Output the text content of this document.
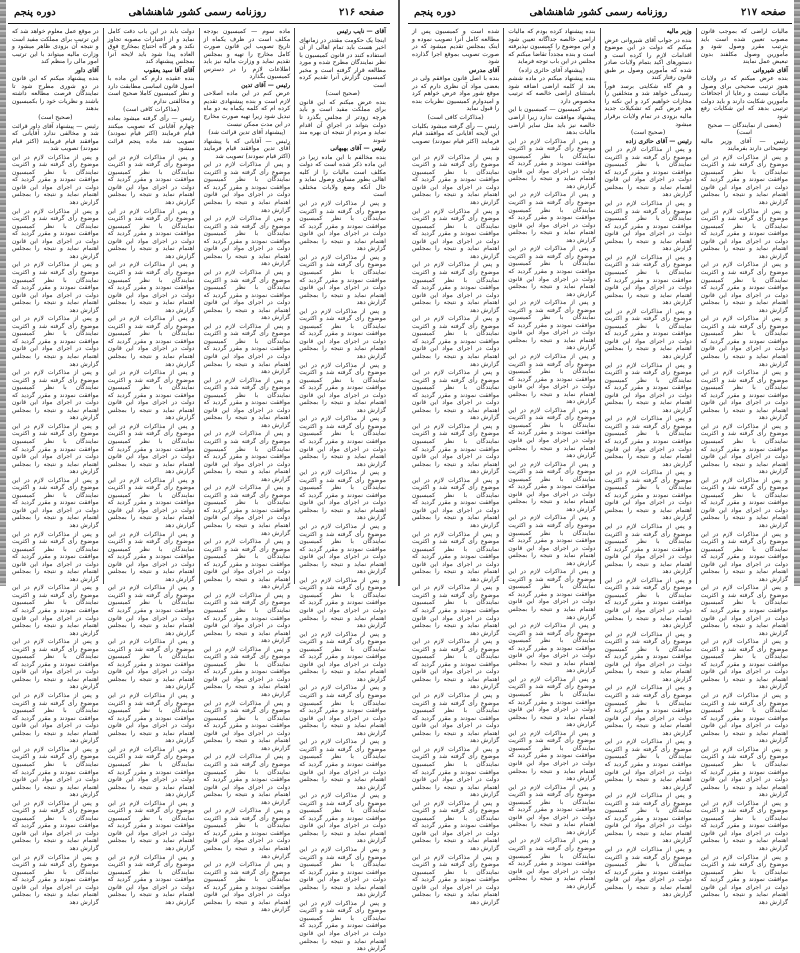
صفحه ۲۱۶
روزنامه رسمی کشور شاهنشاهی
دوره پنجم

آقای — نایب رئیس

اینجا یک حکومت مقتدر در زمانهای اخیر هست باید تمام اهالی از آن استفاده کنند در قانون کمیسیون با نظر نمایندگان مطرح شده و مورد مطالعه قرار گرفته است و مخبر کمیسیون گزارش آنرا تقدیم کرده است

(صحیح است)

بنده عرض میکنم که این قانون برای مملکت مفید است و باید هرچه زودتر از مجلس بگذرد تا دولت بتواند در اجرای آن اقدام نماید و مردم از نتیجه آن بهره مند شوند

رئیس — آقای بهبهانی

بنده مخالفم با این ماده زیرا در این ماده ذکر شده است که دولت مکلف است مالیات را از کلیه اهالی بطور مساوی وصول نماید و حال آنکه وضع ولایات مختلف است

و پس از مذاکرات لازم در این موضوع رأی گرفته شد و اکثریت نمایندگان با نظر کمیسیون موافقت نمودند و مقرر گردید که دولت در اجرای مواد این قانون اهتمام نماید و نتیجه را بمجلس گزارش دهد

و پس از مذاکرات لازم در این موضوع رأی گرفته شد و اکثریت نمایندگان با نظر کمیسیون موافقت نمودند و مقرر گردید که دولت در اجرای مواد این قانون اهتمام نماید و نتیجه را بمجلس گزارش دهد

و پس از مذاکرات لازم در این موضوع رأی گرفته شد و اکثریت نمایندگان با نظر کمیسیون موافقت نمودند و مقرر گردید که دولت در اجرای مواد این قانون اهتمام نماید و نتیجه را بمجلس گزارش دهد

و پس از مذاکرات لازم در این موضوع رأی گرفته شد و اکثریت نمایندگان با نظر کمیسیون موافقت نمودند و مقرر گردید که دولت در اجرای مواد این قانون اهتمام نماید و نتیجه را بمجلس گزارش دهد

و پس از مذاکرات لازم در این موضوع رأی گرفته شد و اکثریت نمایندگان با نظر کمیسیون موافقت نمودند و مقرر گردید که دولت در اجرای مواد این قانون اهتمام نماید و نتیجه را بمجلس گزارش دهد

و پس از مذاکرات لازم در این موضوع رأی گرفته شد و اکثریت نمایندگان با نظر کمیسیون موافقت نمودند و مقرر گردید که دولت در اجرای مواد این قانون اهتمام نماید و نتیجه را بمجلس گزارش دهد

و پس از مذاکرات لازم در این موضوع رأی گرفته شد و اکثریت نمایندگان با نظر کمیسیون موافقت نمودند و مقرر گردید که دولت در اجرای مواد این قانون اهتمام نماید و نتیجه را بمجلس گزارش دهد

و پس از مذاکرات لازم در این موضوع رأی گرفته شد و اکثریت نمایندگان با نظر کمیسیون موافقت نمودند و مقرر گردید که دولت در اجرای مواد این قانون اهتمام نماید و نتیجه را بمجلس گزارش دهد

و پس از مذاکرات لازم در این موضوع رأی گرفته شد و اکثریت نمایندگان با نظر کمیسیون موافقت نمودند و مقرر گردید که دولت در اجرای مواد این قانون اهتمام نماید و نتیجه را بمجلس گزارش دهد

و پس از مذاکرات لازم در این موضوع رأی گرفته شد و اکثریت نمایندگان با نظر کمیسیون موافقت نمودند و مقرر گردید که دولت در اجرای مواد این قانون اهتمام نماید و نتیجه را بمجلس گزارش دهد

و پس از مذاکرات لازم در این موضوع رأی گرفته شد و اکثریت نمایندگان با نظر کمیسیون موافقت نمودند و مقرر گردید که دولت در اجرای مواد این قانون اهتمام نماید و نتیجه را بمجلس گزارش دهد

و پس از مذاکرات لازم در این موضوع رأی گرفته شد و اکثریت نمایندگان با نظر کمیسیون موافقت نمودند و مقرر گردید که دولت در اجرای مواد این قانون اهتمام نماید و نتیجه را بمجلس گزارش دهد

و پس از مذاکرات لازم در این موضوع رأی گرفته شد و اکثریت نمایندگان با نظر کمیسیون موافقت نمودند و مقرر گردید که دولت در اجرای مواد این قانون اهتمام نماید و نتیجه را بمجلس گزارش دهد

و پس از مذاکرات لازم در این موضوع رأی گرفته شد و اکثریت نمایندگان با نظر کمیسیون موافقت نمودند و مقرر گردید که دولت در اجرای مواد این قانون اهتمام نماید و نتیجه را بمجلس گزارش دهد

ماده سوم — کمیسیون بودجه مکلف است در ظرف یکماه از تاریخ تصویب این قانون صورت کامل مخارج را تهیه و بمجلس تقدیم نماید و وزارت مالیه نیز باید اطلاعات لازم را در دسترس کمیسیون بگذارد

رئیس — آقای تدین

عرض کنم در این ماده اصلاحی لازم است و بنده پیشنهادی تقدیم کرده ام که کلمه یکماه به دو ماه تبدیل شود زیرا تهیه صورت مخارج در این مدت ممکن نیست

(پیشنهاد آقای تدین قرائت شد)

رئیس — آقایانی که با پیشنهاد آقای تدین موافقند قیام فرمایند (اکثر قیام نمودند) تصویب شد

و پس از مذاکرات لازم در این موضوع رأی گرفته شد و اکثریت نمایندگان با نظر کمیسیون موافقت نمودند و مقرر گردید که دولت در اجرای مواد این قانون اهتمام نماید و نتیجه را بمجلس گزارش دهد

و پس از مذاکرات لازم در این موضوع رأی گرفته شد و اکثریت نمایندگان با نظر کمیسیون موافقت نمودند و مقرر گردید که دولت در اجرای مواد این قانون اهتمام نماید و نتیجه را بمجلس گزارش دهد

و پس از مذاکرات لازم در این موضوع رأی گرفته شد و اکثریت نمایندگان با نظر کمیسیون موافقت نمودند و مقرر گردید که دولت در اجرای مواد این قانون اهتمام نماید و نتیجه را بمجلس گزارش دهد

و پس از مذاکرات لازم در این موضوع رأی گرفته شد و اکثریت نمایندگان با نظر کمیسیون موافقت نمودند و مقرر گردید که دولت در اجرای مواد این قانون اهتمام نماید و نتیجه را بمجلس گزارش دهد

و پس از مذاکرات لازم در این موضوع رأی گرفته شد و اکثریت نمایندگان با نظر کمیسیون موافقت نمودند و مقرر گردید که دولت در اجرای مواد این قانون اهتمام نماید و نتیجه را بمجلس گزارش دهد

و پس از مذاکرات لازم در این موضوع رأی گرفته شد و اکثریت نمایندگان با نظر کمیسیون موافقت نمودند و مقرر گردید که دولت در اجرای مواد این قانون اهتمام نماید و نتیجه را بمجلس گزارش دهد

و پس از مذاکرات لازم در این موضوع رأی گرفته شد و اکثریت نمایندگان با نظر کمیسیون موافقت نمودند و مقرر گردید که دولت در اجرای مواد این قانون اهتمام نماید و نتیجه را بمجلس گزارش دهد

و پس از مذاکرات لازم در این موضوع رأی گرفته شد و اکثریت نمایندگان با نظر کمیسیون موافقت نمودند و مقرر گردید که دولت در اجرای مواد این قانون اهتمام نماید و نتیجه را بمجلس گزارش دهد

و پس از مذاکرات لازم در این موضوع رأی گرفته شد و اکثریت نمایندگان با نظر کمیسیون موافقت نمودند و مقرر گردید که دولت در اجرای مواد این قانون اهتمام نماید و نتیجه را بمجلس گزارش دهد

و پس از مذاکرات لازم در این موضوع رأی گرفته شد و اکثریت نمایندگان با نظر کمیسیون موافقت نمودند و مقرر گردید که دولت در اجرای مواد این قانون اهتمام نماید و نتیجه را بمجلس گزارش دهد

و پس از مذاکرات لازم در این موضوع رأی گرفته شد و اکثریت نمایندگان با نظر کمیسیون موافقت نمودند و مقرر گردید که دولت در اجرای مواد این قانون اهتمام نماید و نتیجه را بمجلس گزارش دهد

و پس از مذاکرات لازم در این موضوع رأی گرفته شد و اکثریت نمایندگان با نظر کمیسیون موافقت نمودند و مقرر گردید که دولت در اجرای مواد این قانون اهتمام نماید و نتیجه را بمجلس گزارش دهد

و پس از مذاکرات لازم در این موضوع رأی گرفته شد و اکثریت نمایندگان با نظر کمیسیون موافقت نمودند و مقرر گردید که دولت در اجرای مواد این قانون اهتمام نماید و نتیجه را بمجلس گزارش دهد

و پس از مذاکرات لازم در این موضوع رأی گرفته شد و اکثریت نمایندگان با نظر کمیسیون موافقت نمودند و مقرر گردید که دولت در اجرای مواد این قانون اهتمام نماید و نتیجه را بمجلس گزارش دهد

دولت باید در این باب دقت کامل نماید و از اعتبارات مصوبه تجاوز نکند و هر گاه احتیاج بمخارج فوق العاده پیدا شود باید لایحه آنرا بمجلس پیشنهاد کند

آقای آقا سید یعقوب

بنده عقیده دارم که این ماده با اصول قانون اساسی مطابقت دارد و نظر کمیسیون کاملا صحیح است و مخالفتی ندارم

(مذاکرات کافی است)

رئیس — رأی گرفته میشود بماده چهارم آقایانی که تصویب میکنند قیام فرمایند (اکثر قیام نمودند) تصویب شد ماده پنجم قرائت میشود

و پس از مذاکرات لازم در این موضوع رأی گرفته شد و اکثریت نمایندگان با نظر کمیسیون موافقت نمودند و مقرر گردید که دولت در اجرای مواد این قانون اهتمام نماید و نتیجه را بمجلس گزارش دهد

و پس از مذاکرات لازم در این موضوع رأی گرفته شد و اکثریت نمایندگان با نظر کمیسیون موافقت نمودند و مقرر گردید که دولت در اجرای مواد این قانون اهتمام نماید و نتیجه را بمجلس گزارش دهد

و پس از مذاکرات لازم در این موضوع رأی گرفته شد و اکثریت نمایندگان با نظر کمیسیون موافقت نمودند و مقرر گردید که دولت در اجرای مواد این قانون اهتمام نماید و نتیجه را بمجلس گزارش دهد

و پس از مذاکرات لازم در این موضوع رأی گرفته شد و اکثریت نمایندگان با نظر کمیسیون موافقت نمودند و مقرر گردید که دولت در اجرای مواد این قانون اهتمام نماید و نتیجه را بمجلس گزارش دهد

و پس از مذاکرات لازم در این موضوع رأی گرفته شد و اکثریت نمایندگان با نظر کمیسیون موافقت نمودند و مقرر گردید که دولت در اجرای مواد این قانون اهتمام نماید و نتیجه را بمجلس گزارش دهد

و پس از مذاکرات لازم در این موضوع رأی گرفته شد و اکثریت نمایندگان با نظر کمیسیون موافقت نمودند و مقرر گردید که دولت در اجرای مواد این قانون اهتمام نماید و نتیجه را بمجلس گزارش دهد

و پس از مذاکرات لازم در این موضوع رأی گرفته شد و اکثریت نمایندگان با نظر کمیسیون موافقت نمودند و مقرر گردید که دولت در اجرای مواد این قانون اهتمام نماید و نتیجه را بمجلس گزارش دهد

و پس از مذاکرات لازم در این موضوع رأی گرفته شد و اکثریت نمایندگان با نظر کمیسیون موافقت نمودند و مقرر گردید که دولت در اجرای مواد این قانون اهتمام نماید و نتیجه را بمجلس گزارش دهد

و پس از مذاکرات لازم در این موضوع رأی گرفته شد و اکثریت نمایندگان با نظر کمیسیون موافقت نمودند و مقرر گردید که دولت در اجرای مواد این قانون اهتمام نماید و نتیجه را بمجلس گزارش دهد

و پس از مذاکرات لازم در این موضوع رأی گرفته شد و اکثریت نمایندگان با نظر کمیسیون موافقت نمودند و مقرر گردید که دولت در اجرای مواد این قانون اهتمام نماید و نتیجه را بمجلس گزارش دهد

و پس از مذاکرات لازم در این موضوع رأی گرفته شد و اکثریت نمایندگان با نظر کمیسیون موافقت نمودند و مقرر گردید که دولت در اجرای مواد این قانون اهتمام نماید و نتیجه را بمجلس گزارش دهد

و پس از مذاکرات لازم در این موضوع رأی گرفته شد و اکثریت نمایندگان با نظر کمیسیون موافقت نمودند و مقرر گردید که دولت در اجرای مواد این قانون اهتمام نماید و نتیجه را بمجلس گزارش دهد

و پس از مذاکرات لازم در این موضوع رأی گرفته شد و اکثریت نمایندگان با نظر کمیسیون موافقت نمودند و مقرر گردید که دولت در اجرای مواد این قانون اهتمام نماید و نتیجه را بمجلس گزارش دهد

و پس از مذاکرات لازم در این موضوع رأی گرفته شد و اکثریت نمایندگان با نظر کمیسیون موافقت نمودند و مقرر گردید که دولت در اجرای مواد این قانون اهتمام نماید و نتیجه را بمجلس گزارش دهد

در موقع عمل معلوم خواهد شد که این ترتیب برای مملکت مفید است و نتیجه آن بزودی ظاهر میشود و وزارت مالیه میتواند با این ترتیب امور مالی را منظم کند

آقای داور

بنده پیشنهاد میکنم که این قانون در دو شوری مطرح شود تا نمایندگان فرصت مطالعه داشته باشند و نظریات خود را بکمیسیون بدهند

(صحیح است)

رئیس — پیشنهاد آقای داور قرائت شد و مخالفی ندارد آقایانی که موافقند قیام فرمایند (اکثر قیام نمودند) تصویب شد

و پس از مذاکرات لازم در این موضوع رأی گرفته شد و اکثریت نمایندگان با نظر کمیسیون موافقت نمودند و مقرر گردید که دولت در اجرای مواد این قانون اهتمام نماید و نتیجه را بمجلس گزارش دهد

و پس از مذاکرات لازم در این موضوع رأی گرفته شد و اکثریت نمایندگان با نظر کمیسیون موافقت نمودند و مقرر گردید که دولت در اجرای مواد این قانون اهتمام نماید و نتیجه را بمجلس گزارش دهد

و پس از مذاکرات لازم در این موضوع رأی گرفته شد و اکثریت نمایندگان با نظر کمیسیون موافقت نمودند و مقرر گردید که دولت در اجرای مواد این قانون اهتمام نماید و نتیجه را بمجلس گزارش دهد

و پس از مذاکرات لازم در این موضوع رأی گرفته شد و اکثریت نمایندگان با نظر کمیسیون موافقت نمودند و مقرر گردید که دولت در اجرای مواد این قانون اهتمام نماید و نتیجه را بمجلس گزارش دهد

و پس از مذاکرات لازم در این موضوع رأی گرفته شد و اکثریت نمایندگان با نظر کمیسیون موافقت نمودند و مقرر گردید که دولت در اجرای مواد این قانون اهتمام نماید و نتیجه را بمجلس گزارش دهد

و پس از مذاکرات لازم در این موضوع رأی گرفته شد و اکثریت نمایندگان با نظر کمیسیون موافقت نمودند و مقرر گردید که دولت در اجرای مواد این قانون اهتمام نماید و نتیجه را بمجلس گزارش دهد

و پس از مذاکرات لازم در این موضوع رأی گرفته شد و اکثریت نمایندگان با نظر کمیسیون موافقت نمودند و مقرر گردید که دولت در اجرای مواد این قانون اهتمام نماید و نتیجه را بمجلس گزارش دهد

و پس از مذاکرات لازم در این موضوع رأی گرفته شد و اکثریت نمایندگان با نظر کمیسیون موافقت نمودند و مقرر گردید که دولت در اجرای مواد این قانون اهتمام نماید و نتیجه را بمجلس گزارش دهد

و پس از مذاکرات لازم در این موضوع رأی گرفته شد و اکثریت نمایندگان با نظر کمیسیون موافقت نمودند و مقرر گردید که دولت در اجرای مواد این قانون اهتمام نماید و نتیجه را بمجلس گزارش دهد

و پس از مذاکرات لازم در این موضوع رأی گرفته شد و اکثریت نمایندگان با نظر کمیسیون موافقت نمودند و مقرر گردید که دولت در اجرای مواد این قانون اهتمام نماید و نتیجه را بمجلس گزارش دهد

و پس از مذاکرات لازم در این موضوع رأی گرفته شد و اکثریت نمایندگان با نظر کمیسیون موافقت نمودند و مقرر گردید که دولت در اجرای مواد این قانون اهتمام نماید و نتیجه را بمجلس گزارش دهد

و پس از مذاکرات لازم در این موضوع رأی گرفته شد و اکثریت نمایندگان با نظر کمیسیون موافقت نمودند و مقرر گردید که دولت در اجرای مواد این قانون اهتمام نماید و نتیجه را بمجلس گزارش دهد

و پس از مذاکرات لازم در این موضوع رأی گرفته شد و اکثریت نمایندگان با نظر کمیسیون موافقت نمودند و مقرر گردید که دولت در اجرای مواد این قانون اهتمام نماید و نتیجه را بمجلس گزارش دهد

و پس از مذاکرات لازم در این موضوع رأی گرفته شد و اکثریت نمایندگان با نظر کمیسیون موافقت نمودند و مقرر گردید که دولت در اجرای مواد این قانون اهتمام نماید و نتیجه را بمجلس گزارش دهد

صفحه ۲۱۷
روزنامه رسمی کشور شاهنشاهی
دوره پنجم

مالیات اراضی که بموجب قانون مصوب تعیین شده است باید بترتیب مقرر وصول شود و مأمورین وصول مکلفند بدون تبعیض عمل نمایند

آقای شیروانی

بنده عرض میکنم که در ولایات هنوز ترتیب صحیحی برای وصول مالیات نیست و رعایا از اجحافات مأمورین شکایت دارند و باید دولت ترتیبی بدهد که این شکایات رفع شود

(بعضی از نمایندگان — صحیح است)

رئیس — آقای وزیر مالیه توضیحاتی دارند بفرمایند

و پس از مذاکرات لازم در این موضوع رأی گرفته شد و اکثریت نمایندگان با نظر کمیسیون موافقت نمودند و مقرر گردید که دولت در اجرای مواد این قانون اهتمام نماید و نتیجه را بمجلس گزارش دهد

و پس از مذاکرات لازم در این موضوع رأی گرفته شد و اکثریت نمایندگان با نظر کمیسیون موافقت نمودند و مقرر گردید که دولت در اجرای مواد این قانون اهتمام نماید و نتیجه را بمجلس گزارش دهد

و پس از مذاکرات لازم در این موضوع رأی گرفته شد و اکثریت نمایندگان با نظر کمیسیون موافقت نمودند و مقرر گردید که دولت در اجرای مواد این قانون اهتمام نماید و نتیجه را بمجلس گزارش دهد

و پس از مذاکرات لازم در این موضوع رأی گرفته شد و اکثریت نمایندگان با نظر کمیسیون موافقت نمودند و مقرر گردید که دولت در اجرای مواد این قانون اهتمام نماید و نتیجه را بمجلس گزارش دهد

و پس از مذاکرات لازم در این موضوع رأی گرفته شد و اکثریت نمایندگان با نظر کمیسیون موافقت نمودند و مقرر گردید که دولت در اجرای مواد این قانون اهتمام نماید و نتیجه را بمجلس گزارش دهد

و پس از مذاکرات لازم در این موضوع رأی گرفته شد و اکثریت نمایندگان با نظر کمیسیون موافقت نمودند و مقرر گردید که دولت در اجرای مواد این قانون اهتمام نماید و نتیجه را بمجلس گزارش دهد

و پس از مذاکرات لازم در این موضوع رأی گرفته شد و اکثریت نمایندگان با نظر کمیسیون موافقت نمودند و مقرر گردید که دولت در اجرای مواد این قانون اهتمام نماید و نتیجه را بمجلس گزارش دهد

و پس از مذاکرات لازم در این موضوع رأی گرفته شد و اکثریت نمایندگان با نظر کمیسیون موافقت نمودند و مقرر گردید که دولت در اجرای مواد این قانون اهتمام نماید و نتیجه را بمجلس گزارش دهد

و پس از مذاکرات لازم در این موضوع رأی گرفته شد و اکثریت نمایندگان با نظر کمیسیون موافقت نمودند و مقرر گردید که دولت در اجرای مواد این قانون اهتمام نماید و نتیجه را بمجلس گزارش دهد

و پس از مذاکرات لازم در این موضوع رأی گرفته شد و اکثریت نمایندگان با نظر کمیسیون موافقت نمودند و مقرر گردید که دولت در اجرای مواد این قانون اهتمام نماید و نتیجه را بمجلس گزارش دهد

و پس از مذاکرات لازم در این موضوع رأی گرفته شد و اکثریت نمایندگان با نظر کمیسیون موافقت نمودند و مقرر گردید که دولت در اجرای مواد این قانون اهتمام نماید و نتیجه را بمجلس گزارش دهد

و پس از مذاکرات لازم در این موضوع رأی گرفته شد و اکثریت نمایندگان با نظر کمیسیون موافقت نمودند و مقرر گردید که دولت در اجرای مواد این قانون اهتمام نماید و نتیجه را بمجلس گزارش دهد

و پس از مذاکرات لازم در این موضوع رأی گرفته شد و اکثریت نمایندگان با نظر کمیسیون موافقت نمودند و مقرر گردید که دولت در اجرای مواد این قانون اهتمام نماید و نتیجه را بمجلس گزارش دهد

و پس از مذاکرات لازم در این موضوع رأی گرفته شد و اکثریت نمایندگان با نظر کمیسیون موافقت نمودند و مقرر گردید که دولت در اجرای مواد این قانون اهتمام نماید و نتیجه را بمجلس گزارش دهد

وزیر مالیه

بنده در جواب آقای شیروانی عرض میکنم که دولت در این موضوع اقدامات لازم را کرده است و دستورهای اکید بتمام ولایات صادر شده که مأمورین وصول بر طبق قانون رفتار کنند

و هر گاه شکایتی برسد فوراً رسیدگی خواهد شد و متخلفین را مجازات خواهیم کرد و این نکته را هم عرض کنم که تشکیلات جدید مالیه بزودی در تمام ولایات برقرار میشود

(صحیح است)

رئیس — آقای حائری زاده

و پس از مذاکرات لازم در این موضوع رأی گرفته شد و اکثریت نمایندگان با نظر کمیسیون موافقت نمودند و مقرر گردید که دولت در اجرای مواد این قانون اهتمام نماید و نتیجه را بمجلس گزارش دهد

و پس از مذاکرات لازم در این موضوع رأی گرفته شد و اکثریت نمایندگان با نظر کمیسیون موافقت نمودند و مقرر گردید که دولت در اجرای مواد این قانون اهتمام نماید و نتیجه را بمجلس گزارش دهد

و پس از مذاکرات لازم در این موضوع رأی گرفته شد و اکثریت نمایندگان با نظر کمیسیون موافقت نمودند و مقرر گردید که دولت در اجرای مواد این قانون اهتمام نماید و نتیجه را بمجلس گزارش دهد

و پس از مذاکرات لازم در این موضوع رأی گرفته شد و اکثریت نمایندگان با نظر کمیسیون موافقت نمودند و مقرر گردید که دولت در اجرای مواد این قانون اهتمام نماید و نتیجه را بمجلس گزارش دهد

و پس از مذاکرات لازم در این موضوع رأی گرفته شد و اکثریت نمایندگان با نظر کمیسیون موافقت نمودند و مقرر گردید که دولت در اجرای مواد این قانون اهتمام نماید و نتیجه را بمجلس گزارش دهد

و پس از مذاکرات لازم در این موضوع رأی گرفته شد و اکثریت نمایندگان با نظر کمیسیون موافقت نمودند و مقرر گردید که دولت در اجرای مواد این قانون اهتمام نماید و نتیجه را بمجلس گزارش دهد

و پس از مذاکرات لازم در این موضوع رأی گرفته شد و اکثریت نمایندگان با نظر کمیسیون موافقت نمودند و مقرر گردید که دولت در اجرای مواد این قانون اهتمام نماید و نتیجه را بمجلس گزارش دهد

و پس از مذاکرات لازم در این موضوع رأی گرفته شد و اکثریت نمایندگان با نظر کمیسیون موافقت نمودند و مقرر گردید که دولت در اجرای مواد این قانون اهتمام نماید و نتیجه را بمجلس گزارش دهد

و پس از مذاکرات لازم در این موضوع رأی گرفته شد و اکثریت نمایندگان با نظر کمیسیون موافقت نمودند و مقرر گردید که دولت در اجرای مواد این قانون اهتمام نماید و نتیجه را بمجلس گزارش دهد

و پس از مذاکرات لازم در این موضوع رأی گرفته شد و اکثریت نمایندگان با نظر کمیسیون موافقت نمودند و مقرر گردید که دولت در اجرای مواد این قانون اهتمام نماید و نتیجه را بمجلس گزارش دهد

و پس از مذاکرات لازم در این موضوع رأی گرفته شد و اکثریت نمایندگان با نظر کمیسیون موافقت نمودند و مقرر گردید که دولت در اجرای مواد این قانون اهتمام نماید و نتیجه را بمجلس گزارش دهد

و پس از مذاکرات لازم در این موضوع رأی گرفته شد و اکثریت نمایندگان با نظر کمیسیون موافقت نمودند و مقرر گردید که دولت در اجرای مواد این قانون اهتمام نماید و نتیجه را بمجلس گزارش دهد

و پس از مذاکرات لازم در این موضوع رأی گرفته شد و اکثریت نمایندگان با نظر کمیسیون موافقت نمودند و مقرر گردید که دولت در اجرای مواد این قانون اهتمام نماید و نتیجه را بمجلس گزارش دهد

و پس از مذاکرات لازم در این موضوع رأی گرفته شد و اکثریت نمایندگان با نظر کمیسیون موافقت نمودند و مقرر گردید که دولت در اجرای مواد این قانون اهتمام نماید و نتیجه را بمجلس گزارش دهد

بنده پیشنهاد کرده بودم که مالیات اراضی خالصه جداگانه تعیین شود و این موضوع را کمیسیون نپذیرفته است و بنده مجدداً تقاضا میکنم که مجلس در این باب توجه فرماید

(پیشنهاد آقای حائری زاده)

بنده پیشنهاد میکنم در ماده ششم بعد از کلمه اراضی اضافه شود باستثنای اراضی خالصه که ترتیب مخصوص دارد

مخبر کمیسیون — کمیسیون با این پیشنهاد موافقت ندارد زیرا اراضی خالصه نیز باید مثل سایر اراضی مالیات بدهد

و پس از مذاکرات لازم در این موضوع رأی گرفته شد و اکثریت نمایندگان با نظر کمیسیون موافقت نمودند و مقرر گردید که دولت در اجرای مواد این قانون اهتمام نماید و نتیجه را بمجلس گزارش دهد

و پس از مذاکرات لازم در این موضوع رأی گرفته شد و اکثریت نمایندگان با نظر کمیسیون موافقت نمودند و مقرر گردید که دولت در اجرای مواد این قانون اهتمام نماید و نتیجه را بمجلس گزارش دهد

و پس از مذاکرات لازم در این موضوع رأی گرفته شد و اکثریت نمایندگان با نظر کمیسیون موافقت نمودند و مقرر گردید که دولت در اجرای مواد این قانون اهتمام نماید و نتیجه را بمجلس گزارش دهد

و پس از مذاکرات لازم در این موضوع رأی گرفته شد و اکثریت نمایندگان با نظر کمیسیون موافقت نمودند و مقرر گردید که دولت در اجرای مواد این قانون اهتمام نماید و نتیجه را بمجلس گزارش دهد

و پس از مذاکرات لازم در این موضوع رأی گرفته شد و اکثریت نمایندگان با نظر کمیسیون موافقت نمودند و مقرر گردید که دولت در اجرای مواد این قانون اهتمام نماید و نتیجه را بمجلس گزارش دهد

و پس از مذاکرات لازم در این موضوع رأی گرفته شد و اکثریت نمایندگان با نظر کمیسیون موافقت نمودند و مقرر گردید که دولت در اجرای مواد این قانون اهتمام نماید و نتیجه را بمجلس گزارش دهد

و پس از مذاکرات لازم در این موضوع رأی گرفته شد و اکثریت نمایندگان با نظر کمیسیون موافقت نمودند و مقرر گردید که دولت در اجرای مواد این قانون اهتمام نماید و نتیجه را بمجلس گزارش دهد

و پس از مذاکرات لازم در این موضوع رأی گرفته شد و اکثریت نمایندگان با نظر کمیسیون موافقت نمودند و مقرر گردید که دولت در اجرای مواد این قانون اهتمام نماید و نتیجه را بمجلس گزارش دهد

و پس از مذاکرات لازم در این موضوع رأی گرفته شد و اکثریت نمایندگان با نظر کمیسیون موافقت نمودند و مقرر گردید که دولت در اجرای مواد این قانون اهتمام نماید و نتیجه را بمجلس گزارش دهد

و پس از مذاکرات لازم در این موضوع رأی گرفته شد و اکثریت نمایندگان با نظر کمیسیون موافقت نمودند و مقرر گردید که دولت در اجرای مواد این قانون اهتمام نماید و نتیجه را بمجلس گزارش دهد

و پس از مذاکرات لازم در این موضوع رأی گرفته شد و اکثریت نمایندگان با نظر کمیسیون موافقت نمودند و مقرر گردید که دولت در اجرای مواد این قانون اهتمام نماید و نتیجه را بمجلس گزارش دهد

و پس از مذاکرات لازم در این موضوع رأی گرفته شد و اکثریت نمایندگان با نظر کمیسیون موافقت نمودند و مقرر گردید که دولت در اجرای مواد این قانون اهتمام نماید و نتیجه را بمجلس گزارش دهد

و پس از مذاکرات لازم در این موضوع رأی گرفته شد و اکثریت نمایندگان با نظر کمیسیون موافقت نمودند و مقرر گردید که دولت در اجرای مواد این قانون اهتمام نماید و نتیجه را بمجلس گزارش دهد

و پس از مذاکرات لازم در این موضوع رأی گرفته شد و اکثریت نمایندگان با نظر کمیسیون موافقت نمودند و مقرر گردید که دولت در اجرای مواد این قانون اهتمام نماید و نتیجه را بمجلس گزارش دهد

شده است و کمیسیون پس از مطالعه کامل آنرا تصویب نموده و اینک بمجلس تقدیم میشود که در صورت تصویب بموقع اجرا گذارده شود

آقای مدرس

بنده با اصل قانون موافقم ولی در بعضی مواد آن نظری دارم که در موقع شور مواد عرض خواهم کرد و امیدوارم کمیسیون نظریات بنده را قبول نماید

(مذاکرات کافی است)

رئیس — رأی گرفته میشود بکلیات این لایحه آقایانی که موافقند قیام فرمایند (اکثر قیام نمودند) تصویب شد

و پس از مذاکرات لازم در این موضوع رأی گرفته شد و اکثریت نمایندگان با نظر کمیسیون موافقت نمودند و مقرر گردید که دولت در اجرای مواد این قانون اهتمام نماید و نتیجه را بمجلس گزارش دهد

و پس از مذاکرات لازم در این موضوع رأی گرفته شد و اکثریت نمایندگان با نظر کمیسیون موافقت نمودند و مقرر گردید که دولت در اجرای مواد این قانون اهتمام نماید و نتیجه را بمجلس گزارش دهد

و پس از مذاکرات لازم در این موضوع رأی گرفته شد و اکثریت نمایندگان با نظر کمیسیون موافقت نمودند و مقرر گردید که دولت در اجرای مواد این قانون اهتمام نماید و نتیجه را بمجلس گزارش دهد

و پس از مذاکرات لازم در این موضوع رأی گرفته شد و اکثریت نمایندگان با نظر کمیسیون موافقت نمودند و مقرر گردید که دولت در اجرای مواد این قانون اهتمام نماید و نتیجه را بمجلس گزارش دهد

و پس از مذاکرات لازم در این موضوع رأی گرفته شد و اکثریت نمایندگان با نظر کمیسیون موافقت نمودند و مقرر گردید که دولت در اجرای مواد این قانون اهتمام نماید و نتیجه را بمجلس گزارش دهد

و پس از مذاکرات لازم در این موضوع رأی گرفته شد و اکثریت نمایندگان با نظر کمیسیون موافقت نمودند و مقرر گردید که دولت در اجرای مواد این قانون اهتمام نماید و نتیجه را بمجلس گزارش دهد

و پس از مذاکرات لازم در این موضوع رأی گرفته شد و اکثریت نمایندگان با نظر کمیسیون موافقت نمودند و مقرر گردید که دولت در اجرای مواد این قانون اهتمام نماید و نتیجه را بمجلس گزارش دهد

و پس از مذاکرات لازم در این موضوع رأی گرفته شد و اکثریت نمایندگان با نظر کمیسیون موافقت نمودند و مقرر گردید که دولت در اجرای مواد این قانون اهتمام نماید و نتیجه را بمجلس گزارش دهد

و پس از مذاکرات لازم در این موضوع رأی گرفته شد و اکثریت نمایندگان با نظر کمیسیون موافقت نمودند و مقرر گردید که دولت در اجرای مواد این قانون اهتمام نماید و نتیجه را بمجلس گزارش دهد

و پس از مذاکرات لازم در این موضوع رأی گرفته شد و اکثریت نمایندگان با نظر کمیسیون موافقت نمودند و مقرر گردید که دولت در اجرای مواد این قانون اهتمام نماید و نتیجه را بمجلس گزارش دهد

و پس از مذاکرات لازم در این موضوع رأی گرفته شد و اکثریت نمایندگان با نظر کمیسیون موافقت نمودند و مقرر گردید که دولت در اجرای مواد این قانون اهتمام نماید و نتیجه را بمجلس گزارش دهد

و پس از مذاکرات لازم در این موضوع رأی گرفته شد و اکثریت نمایندگان با نظر کمیسیون موافقت نمودند و مقرر گردید که دولت در اجرای مواد این قانون اهتمام نماید و نتیجه را بمجلس گزارش دهد

و پس از مذاکرات لازم در این موضوع رأی گرفته شد و اکثریت نمایندگان با نظر کمیسیون موافقت نمودند و مقرر گردید که دولت در اجرای مواد این قانون اهتمام نماید و نتیجه را بمجلس گزارش دهد

و پس از مذاکرات لازم در این موضوع رأی گرفته شد و اکثریت نمایندگان با نظر کمیسیون موافقت نمودند و مقرر گردید که دولت در اجرای مواد این قانون اهتمام نماید و نتیجه را بمجلس گزارش دهد
